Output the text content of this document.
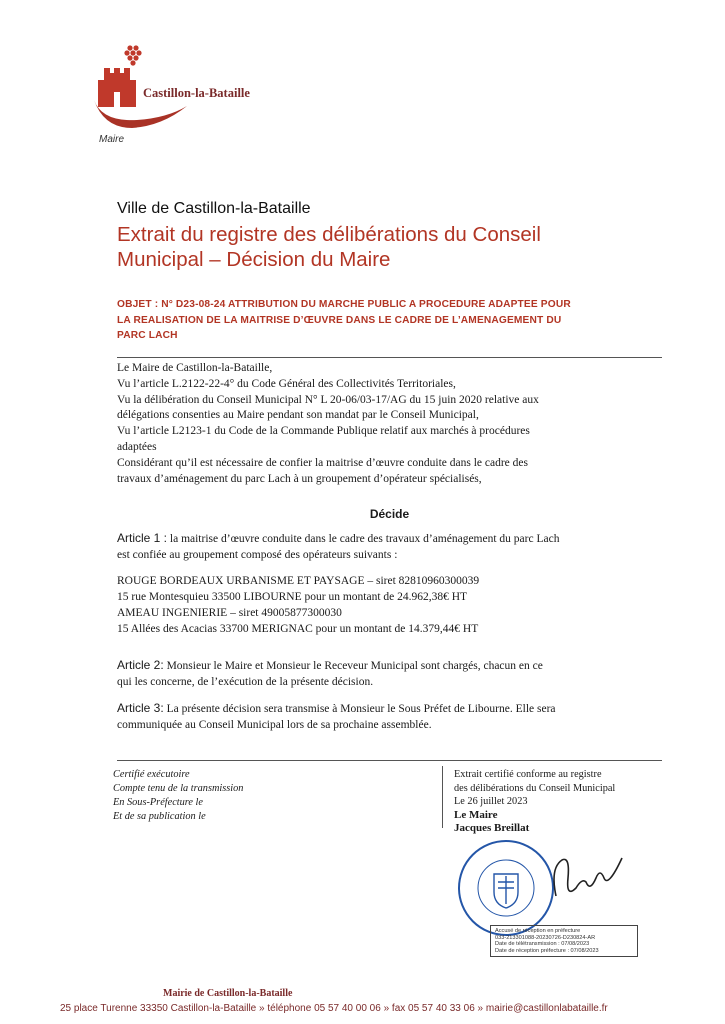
Castillon-la-Bataille
Maire
Ville de Castillon-la-Bataille
Extrait du registre des délibérations du Conseil
Municipal – Décision du Maire
OBJET : N° D23-08-24 ATTRIBUTION DU MARCHE PUBLIC A PROCEDURE ADAPTEE POUR
LA REALISATION DE LA MAITRISE D’ŒUVRE DANS LE CADRE DE L’AMENAGEMENT DU
PARC LACH

Le Maire de Castillon-la-Bataille,

Vu l’article L.2122-22-4° du Code Général des Collectivités Territoriales,

Vu la délibération du Conseil Municipal N° L 20-06/03-17/AG du 15 juin 2020 relative aux

délégations consenties au Maire pendant son mandat par le Conseil Municipal,

Vu l’article L2123-1 du Code de la Commande Publique relatif aux marchés à procédures

adaptées

Considérant qu’il est nécessaire de confier la maitrise d’œuvre conduite dans le cadre des

travaux d’aménagement du parc Lach à un groupement d’opérateur spécialisés,

Décide

Article 1 : la maitrise d’œuvre conduite dans le cadre des travaux d’aménagement du parc Lach

est confiée au groupement composé des opérateurs suivants :

ROUGE BORDEAUX URBANISME ET PAYSAGE – siret 82810960300039

15 rue Montesquieu 33500 LIBOURNE pour un montant de 24.962,38€ HT

AMEAU INGENIERIE – siret 49005877300030

15 Allées des Acacias 33700 MERIGNAC pour un montant de 14.379,44€ HT

Article 2: Monsieur le Maire et Monsieur le Receveur Municipal sont chargés, chacun en ce

qui les concerne, de l’exécution de la présente décision.

Article 3: La présente décision sera transmise à Monsieur le Sous Préfet de Libourne. Elle sera

communiquée au Conseil Municipal lors de sa prochaine assemblée.

Certifié exécutoire

Compte tenu de la transmission

En Sous-Préfecture le

Et de sa publication le

Extrait certifié conforme au registre

des délibérations du Conseil Municipal

Le 26 juillet 2023

Le Maire

Jacques Breillat

Accusé de réception en préfecture

033-213301088-20230726-D230824-AR

Date de télétransmission : 07/08/2023

Date de réception préfecture : 07/08/2023

Mairie de Castillon-la-Bataille
25 place Turenne 33350 Castillon-la-Bataille » téléphone 05 57 40 00 06 » fax 05 57 40 33 06 » mairie@castillonlabataille.fr
